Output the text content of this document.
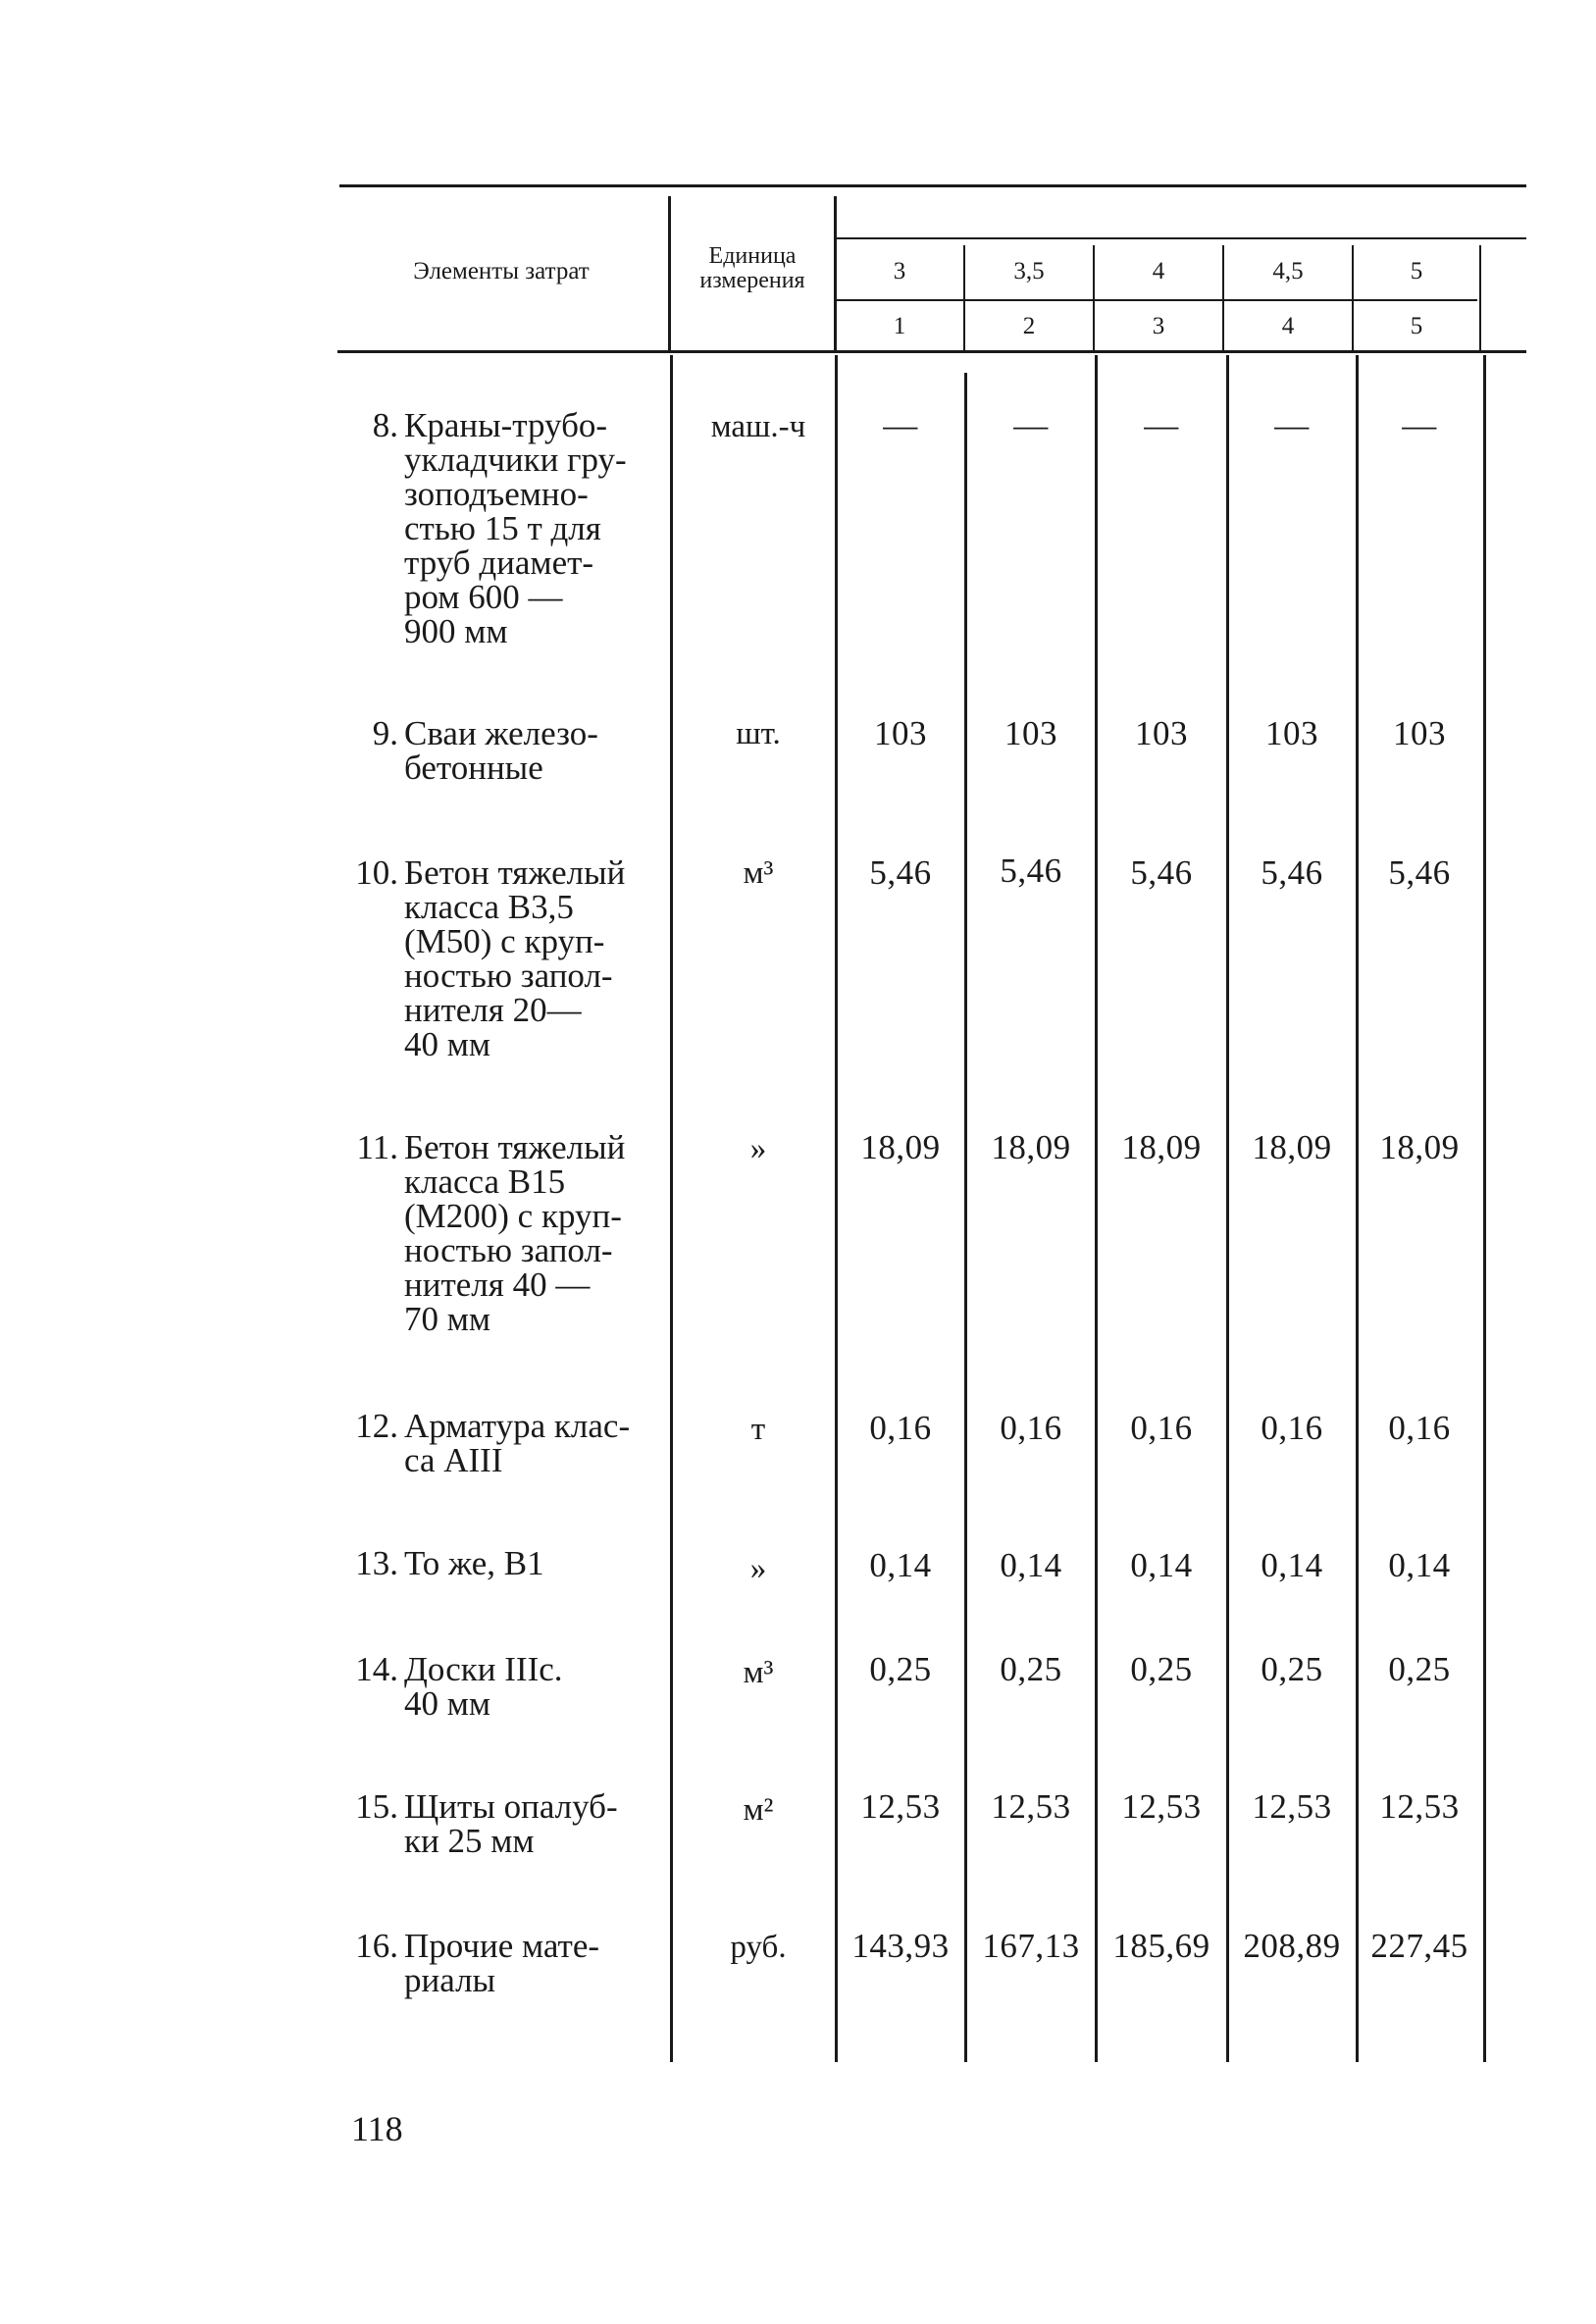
Элементы затрат
Единица
измерения	3	3,5	4	4,5	5
1	2	3	4	5
8. Краны-трубо-
укладчики гру-
зоподъемно-
стью 15 т для
труб диамет-
ром 600 —
900 мм
маш.-ч	—	—	—	—	—
9. Сваи железо-
бетонные
шт.	103	103	103	103	103
10. Бетон тяжелый
класса В3,5
(М50) с круп-
ностью запол-
нителя 20—
40 мм
м³	5,46	5,46	5,46	5,46	5,46
11. Бетон тяжелый
класса В15
(М200) с круп-
ностью запол-
нителя 40 —
70 мм
»	18,09	18,09	18,09	18,09	18,09
12. Арматура клас-
са АIII
т	0,16	0,16	0,16	0,16	0,16
13. То же, В1	»	0,14	0,14	0,14	0,14	0,14
14. Доски IIIс.
40 мм
м³	0,25	0,25	0,25	0,25	0,25
15. Щиты опалуб-
ки 25 мм
м²	12,53	12,53	12,53	12,53	12,53
16. Прочие мате-
риалы
руб.	143,93 167,13 185,69 208,89 227,45
118
